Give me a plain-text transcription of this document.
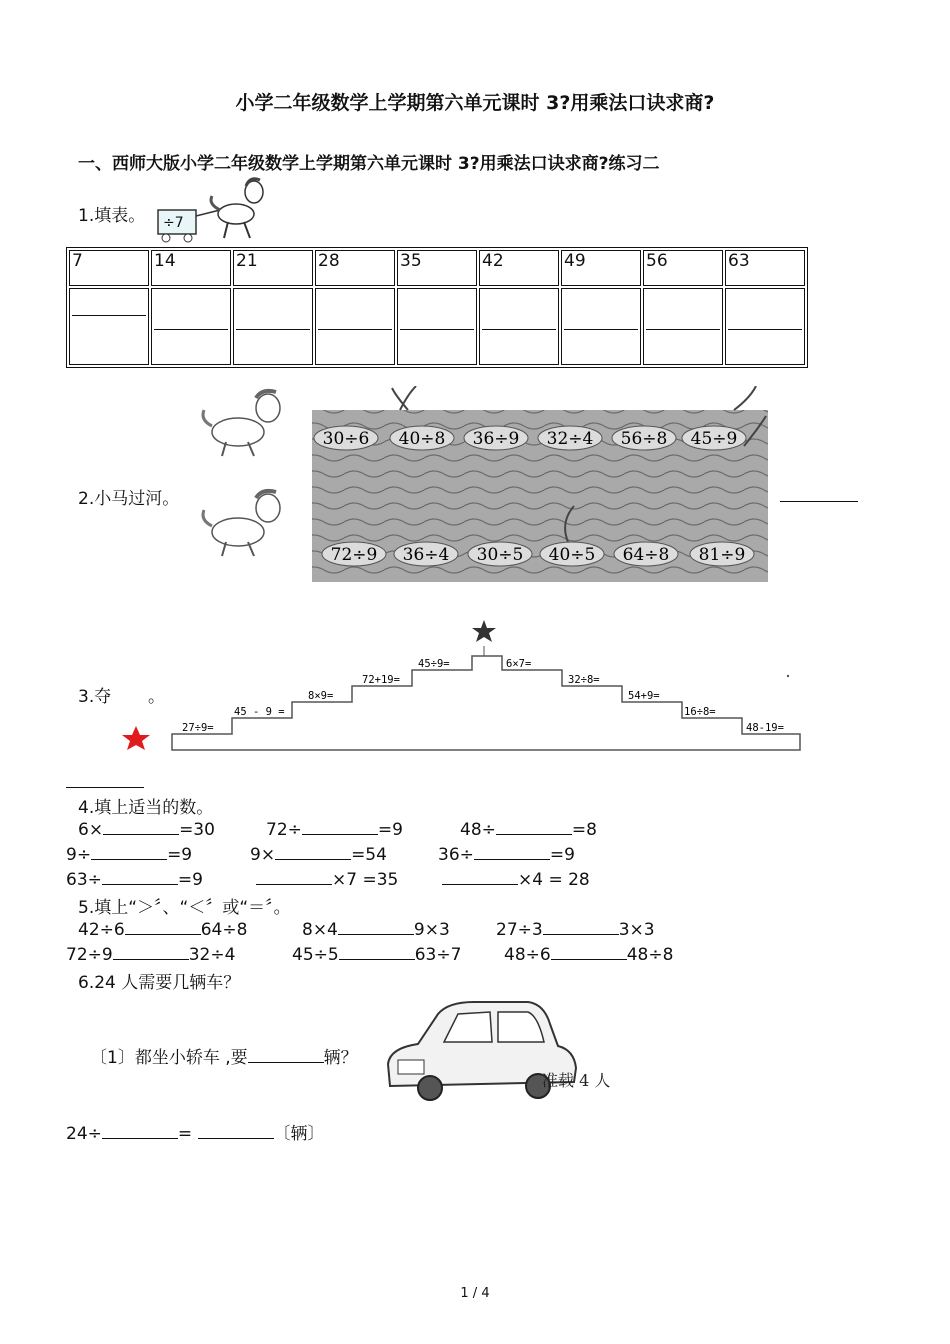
小学二年级数学上学期第六单元课时 3?用乘法口诀求商?
一、西师大版小学二年级数学上学期第六单元课时 3?用乘法口诀求商?练习二
1.填表。 ÷7
7	14	21	28	35	42	49	56	63

2.小马过河。
30÷6 40÷8 36÷9 32÷4 56÷8 45÷9
72÷9 36÷4 30÷5 40÷5 64÷8 81÷9
3.夺 。
27÷9=
45 - 9 =
8×9=
72+19=
45÷9=	6×7=
32÷8=
54+9=
16÷8=
48-19=
4.填上适当的数。
6×	=30	72÷	=9	48÷	=8
9÷	=9	9×	=54	36÷	=9
63÷	=9	×7 =35	×4 = 28
5.填上“＞〞、“＜〞或“＝〞。
42÷6	64÷8	8×4	9×3	27÷3	3×3
72÷9	32÷4	45÷5	63÷7	48÷6	48÷8
6.24 人需要几辆车？
〔1〕都坐小轿车 ,要	辆？
准载 4 人
24÷	=	〔辆〕
1 / 4
